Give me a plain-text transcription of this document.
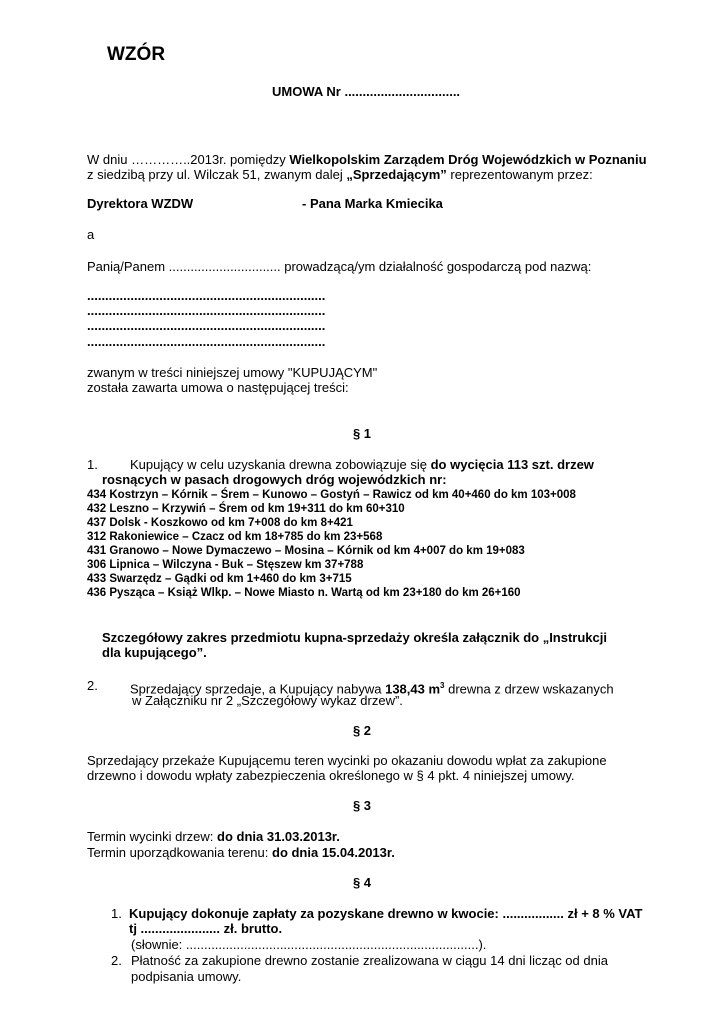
WZÓR
UMOWA Nr ................................
W dniu …………..2013r. pomiędzy Wielkopolskim Zarządem Dróg Wojewódzkich w Poznaniu
z siedzibą przy ul. Wilczak 51, zwanym dalej „Sprzedającym” reprezentowanym przez:
Dyrektora WZDW	- Pana Marka Kmiecika
a
Panią/Panem ............................... prowadzącą/ym działalność gospodarczą pod nazwą:
..................................................................
..................................................................
..................................................................
..................................................................
zwanym w treści niniejszej umowy "KUPUJĄCYM"
została zawarta umowa o następującej treści:
§ 1
1. Kupujący w celu uzyskania drewna zobowiązuje się do wycięcia 113 szt. drzew
rosnących w pasach drogowych dróg wojewódzkich nr:
434 Kostrzyn – Kórnik – Śrem – Kunowo – Gostyń – Rawicz od km 40+460 do km 103+008
432 Leszno – Krzywiń – Śrem od km 19+311 do km 60+310
437 Dolsk - Koszkowo od km 7+008 do km 8+421
312 Rakoniewice – Czacz od km 18+785 do km 23+568
431 Granowo – Nowe Dymaczewo – Mosina – Kórnik od km 4+007 do km 19+083
306 Lipnica – Wilczyna - Buk – Stęszew km 37+788
433 Swarzędz – Gądki od km 1+460 do km 3+715
436 Pysząca – Książ Wlkp. – Nowe Miasto n. Wartą od km 23+180 do km 26+160
Szczegółowy zakres przedmiotu kupna-sprzedaży określa załącznik do „Instrukcji
dla kupującego”.
2. Sprzedający sprzedaje, a Kupujący nabywa 138,43 $m^3$ drewna z drzew wskazanych
w Załączniku nr 2 „Szczegółowy wykaz drzew”.
§ 2
Sprzedający przekaże Kupującemu teren wycinki po okazaniu dowodu wpłat za zakupione
drzewno i dowodu wpłaty zabezpieczenia określonego w § 4 pkt. 4 niniejszej umowy.
§ 3
Termin wycinki drzew: do dnia 31.03.2013r.
Termin uporządkowania terenu: do dnia 15.04.2013r.
§ 4
1. Kupujący dokonuje zapłaty za pozyskane drewno w kwocie: ................. zł + 8 % VAT
tj ...................... zł. brutto.
(słownie: .................................................................................).
2. Płatność za zakupione drewno zostanie zrealizowana w ciągu 14 dni licząc od dnia
podpisania umowy.
